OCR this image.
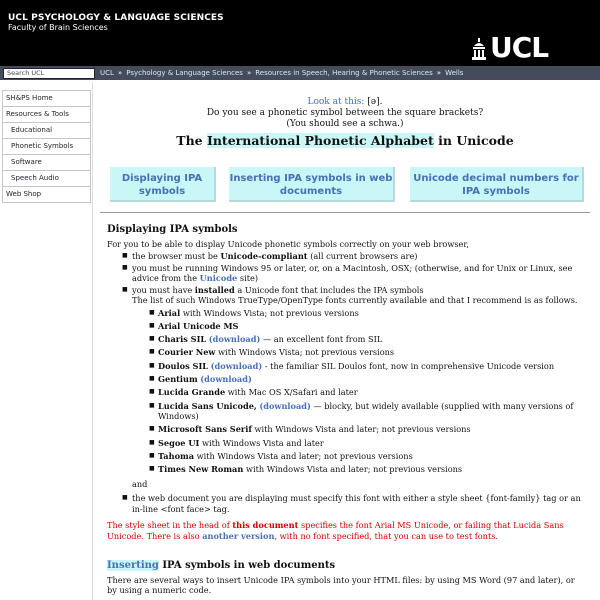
UCL PSYCHOLOGY & LANGUAGE SCIENCES
Faculty of Brain Sciences
UCL
Search UCL	UCL » Psychology & Language Sciences » Resources in Speech, Hearing & Phonetic Sciences » Wells
SH&PS Home
Resources & Tools
Educational
Phonetic Symbols
Software
Speech Audio
Web Shop
Look at this: [ə].
Do you see a phonetic symbol between the square brackets?
(You should see a schwa.)
The International Phonetic Alphabet in Unicode
Displaying IPA symbols
Inserting IPA symbols in web documents
Unicode decimal numbers for IPA symbols
Displaying IPA symbols
For you to be able to display Unicode phonetic symbols correctly on your web browser,
■ the browser must be Unicode-compliant (all current browsers are)
■ you must be running Windows 95 or later, or, on a Macintosh, OSX; (otherwise, and for Unix or Linux, see advice from the Unicode site)
■ you must have installed a Unicode font that includes the IPA symbols
The list of such Windows TrueType/OpenType fonts currently available and that I recommend is as follows.
■ Arial with Windows Vista; not previous versions
■ Arial Unicode MS
■ Charis SIL (download) — an excellent font from SIL
■ Courier New with Windows Vista; not previous versions
■ Doulos SIL (download) - the familiar SIL Doulos font, now in comprehensive Unicode version
■ Gentium (download)
■ Lucida Grande with Mac OS X/Safari and later
■ Lucida Sans Unicode, (download) — blocky, but widely available (supplied with many versions of Windows)
■ Microsoft Sans Serif with Windows Vista and later; not previous versions
■ Segoe UI with Windows Vista and later
■ Tahoma with Windows Vista and later; not previous versions
■ Times New Roman with Windows Vista and later; not previous versions
and
■ the web document you are displaying must specify this font with either a style sheet {font-family} tag or an in-line <font face> tag.
The style sheet in the head of this document specifies the font Arial MS Unicode, or failing that Lucida Sans Unicode. There is also another version, with no font specified, that you can use to test fonts.
Inserting IPA symbols in web documents
There are several ways to insert Unicode IPA symbols into your HTML files: by using MS Word (97 and later), or by using a numeric code.
